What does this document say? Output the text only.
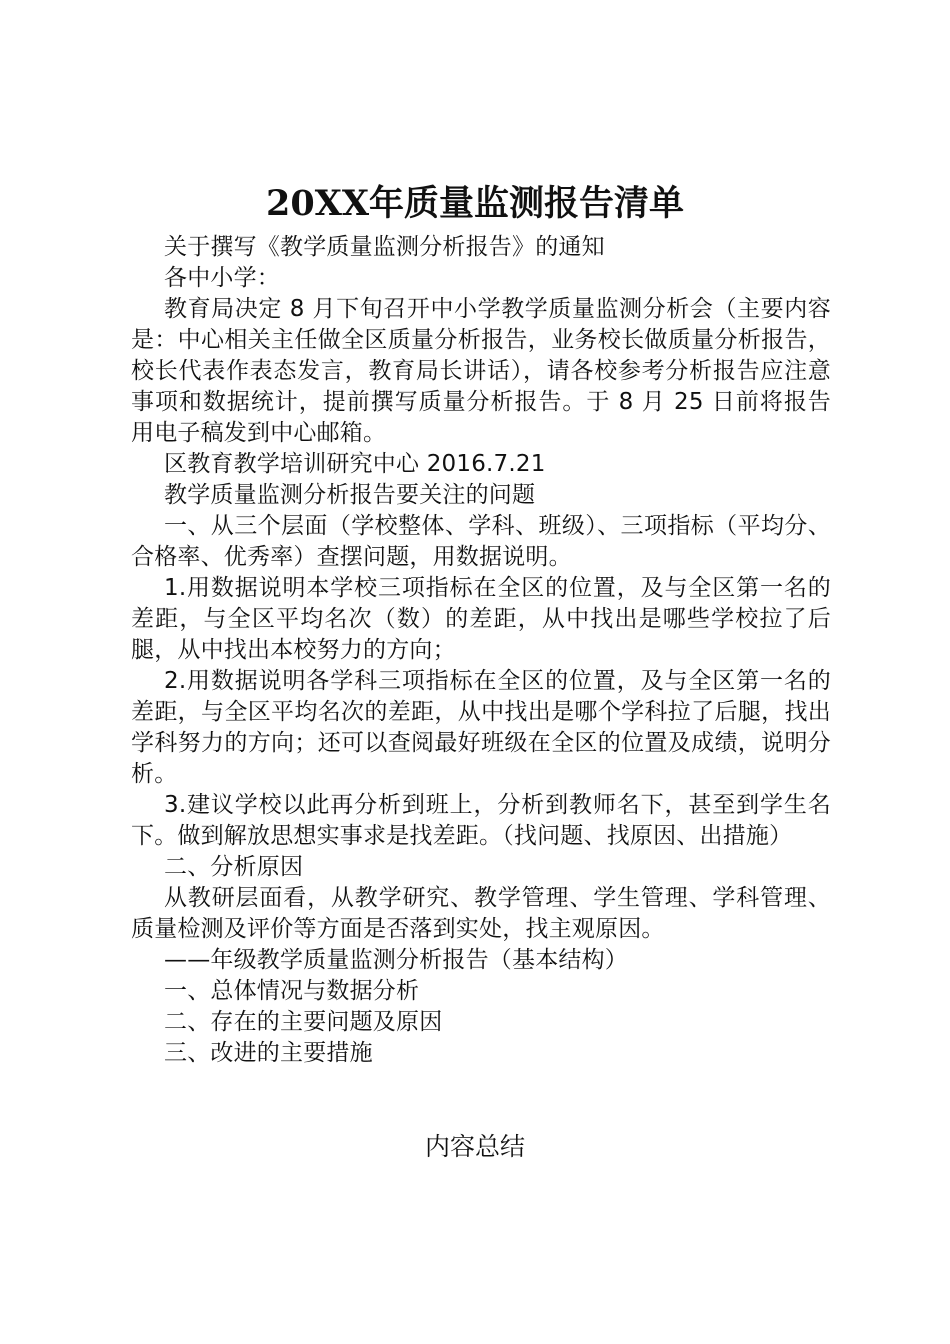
20XX年质量监测报告清单

关于撰写《教学质量监测分析报告》的通知

各中小学：

教育局决定 8 月下旬召开中小学教学质量监测分析会（主要内容是：中心相关主任做全区质量分析报告，业务校长做质量分析报告，校长代表作表态发言，教育局长讲话），请各校参考分析报告应注意事项和数据统计，提前撰写质量分析报告。于 8 月 25 日前将报告用电子稿发到中心邮箱。

区教育教学培训研究中心 2016.7.21

教学质量监测分析报告要关注的问题

一、从三个层面（学校整体、学科、班级）、三项指标（平均分、合格率、优秀率）查摆问题，用数据说明。

1.用数据说明本学校三项指标在全区的位置，及与全区第一名的差距，与全区平均名次（数）的差距，从中找出是哪些学校拉了后腿，从中找出本校努力的方向；

2.用数据说明各学科三项指标在全区的位置，及与全区第一名的差距，与全区平均名次的差距，从中找出是哪个学科拉了后腿，找出学科努力的方向；还可以查阅最好班级在全区的位置及成绩，说明分析。

3.建议学校以此再分析到班上，分析到教师名下，甚至到学生名下。做到解放思想实事求是找差距。（找问题、找原因、出措施）

二、分析原因

从教研层面看，从教学研究、教学管理、学生管理、学科管理、质量检测及评价等方面是否落到实处，找主观原因。

——年级教学质量监测分析报告（基本结构）

一、总体情况与数据分析

二、存在的主要问题及原因

三、改进的主要措施

内容总结
